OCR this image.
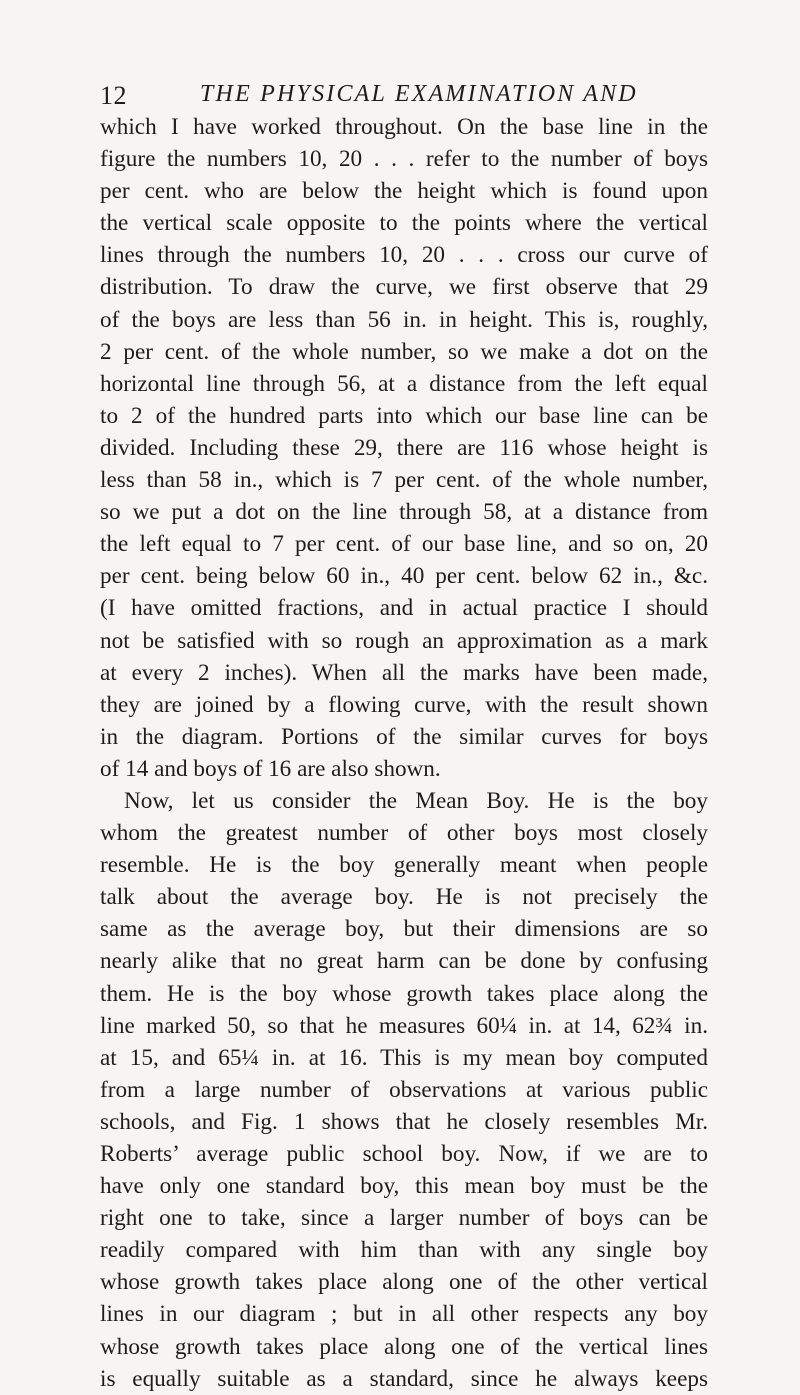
12	THE PHYSICAL EXAMINATION AND
which I have worked throughout. On the base line in the
figure the numbers 10, 20 . . . refer to the number of boys
per cent. who are below the height which is found upon
the vertical scale opposite to the points where the vertical
lines through the numbers 10, 20 . . . cross our curve of
distribution. To draw the curve, we first observe that 29
of the boys are less than 56 in. in height. This is, roughly,
2 per cent. of the whole number, so we make a dot on the
horizontal line through 56, at a distance from the left equal
to 2 of the hundred parts into which our base line can be
divided. Including these 29, there are 116 whose height is
less than 58 in., which is 7 per cent. of the whole number,
so we put a dot on the line through 58, at a distance from
the left equal to 7 per cent. of our base line, and so on, 20
per cent. being below 60 in., 40 per cent. below 62 in., &c.
(I have omitted fractions, and in actual practice I should
not be satisfied with so rough an approximation as a mark
at every 2 inches). When all the marks have been made,
they are joined by a flowing curve, with the result shown
in the diagram. Portions of the similar curves for boys
of 14 and boys of 16 are also shown.
Now, let us consider the Mean Boy. He is the boy
whom the greatest number of other boys most closely
resemble. He is the boy generally meant when people
talk about the average boy. He is not precisely the
same as the average boy, but their dimensions are so
nearly alike that no great harm can be done by confusing
them. He is the boy whose growth takes place along the
line marked 50, so that he measures 60¼ in. at 14, 62¾ in.
at 15, and 65¼ in. at 16. This is my mean boy computed
from a large number of observations at various public
schools, and Fig. 1 shows that he closely resembles Mr.
Roberts’ average public school boy. Now, if we are to
have only one standard boy, this mean boy must be the
right one to take, since a larger number of boys can be
readily compared with him than with any single boy
whose growth takes place along one of the other vertical
lines in our diagram ; but in all other respects any boy
whose growth takes place along one of the vertical lines
is equally suitable as a standard, since he always keeps
